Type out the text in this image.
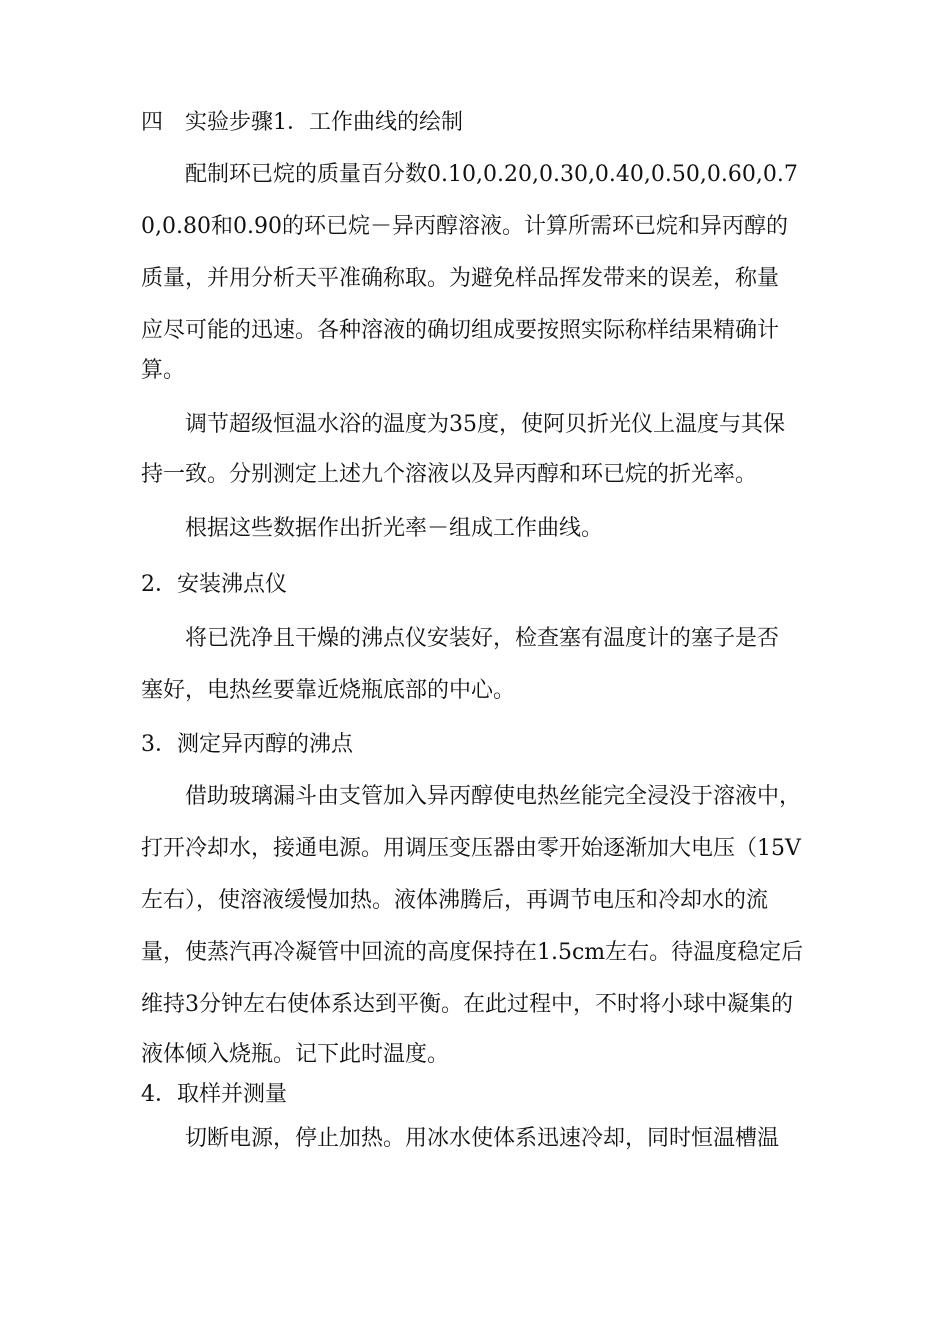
四　实验步骤1．工作曲线的绘制
配制环已烷的质量百分数0.10,0.20,0.30,0.40,0.50,0.60,0.7
0,0.80和0.90的环已烷－异丙醇溶液。计算所需环已烷和异丙醇的
质量，并用分析天平准确称取。为避免样品挥发带来的误差，称量
应尽可能的迅速。各种溶液的确切组成要按照实际称样结果精确计
算。
调节超级恒温水浴的温度为35度，使阿贝折光仪上温度与其保
持一致。分别测定上述九个溶液以及异丙醇和环已烷的折光率。
根据这些数据作出折光率－组成工作曲线。
2．安装沸点仪
将已洗净且干燥的沸点仪安装好，检查塞有温度计的塞子是否
塞好，电热丝要靠近烧瓶底部的中心。
3．测定异丙醇的沸点
借助玻璃漏斗由支管加入异丙醇使电热丝能完全浸没于溶液中，
打开冷却水，接通电源。用调压变压器由零开始逐渐加大电压（15V
左右），使溶液缓慢加热。液体沸腾后，再调节电压和冷却水的流
量，使蒸汽再冷凝管中回流的高度保持在1.5cm左右。待温度稳定后
维持3分钟左右使体系达到平衡。在此过程中，不时将小球中凝集的
液体倾入烧瓶。记下此时温度。
4．取样并测量
切断电源，停止加热。用冰水使体系迅速冷却，同时恒温槽温
